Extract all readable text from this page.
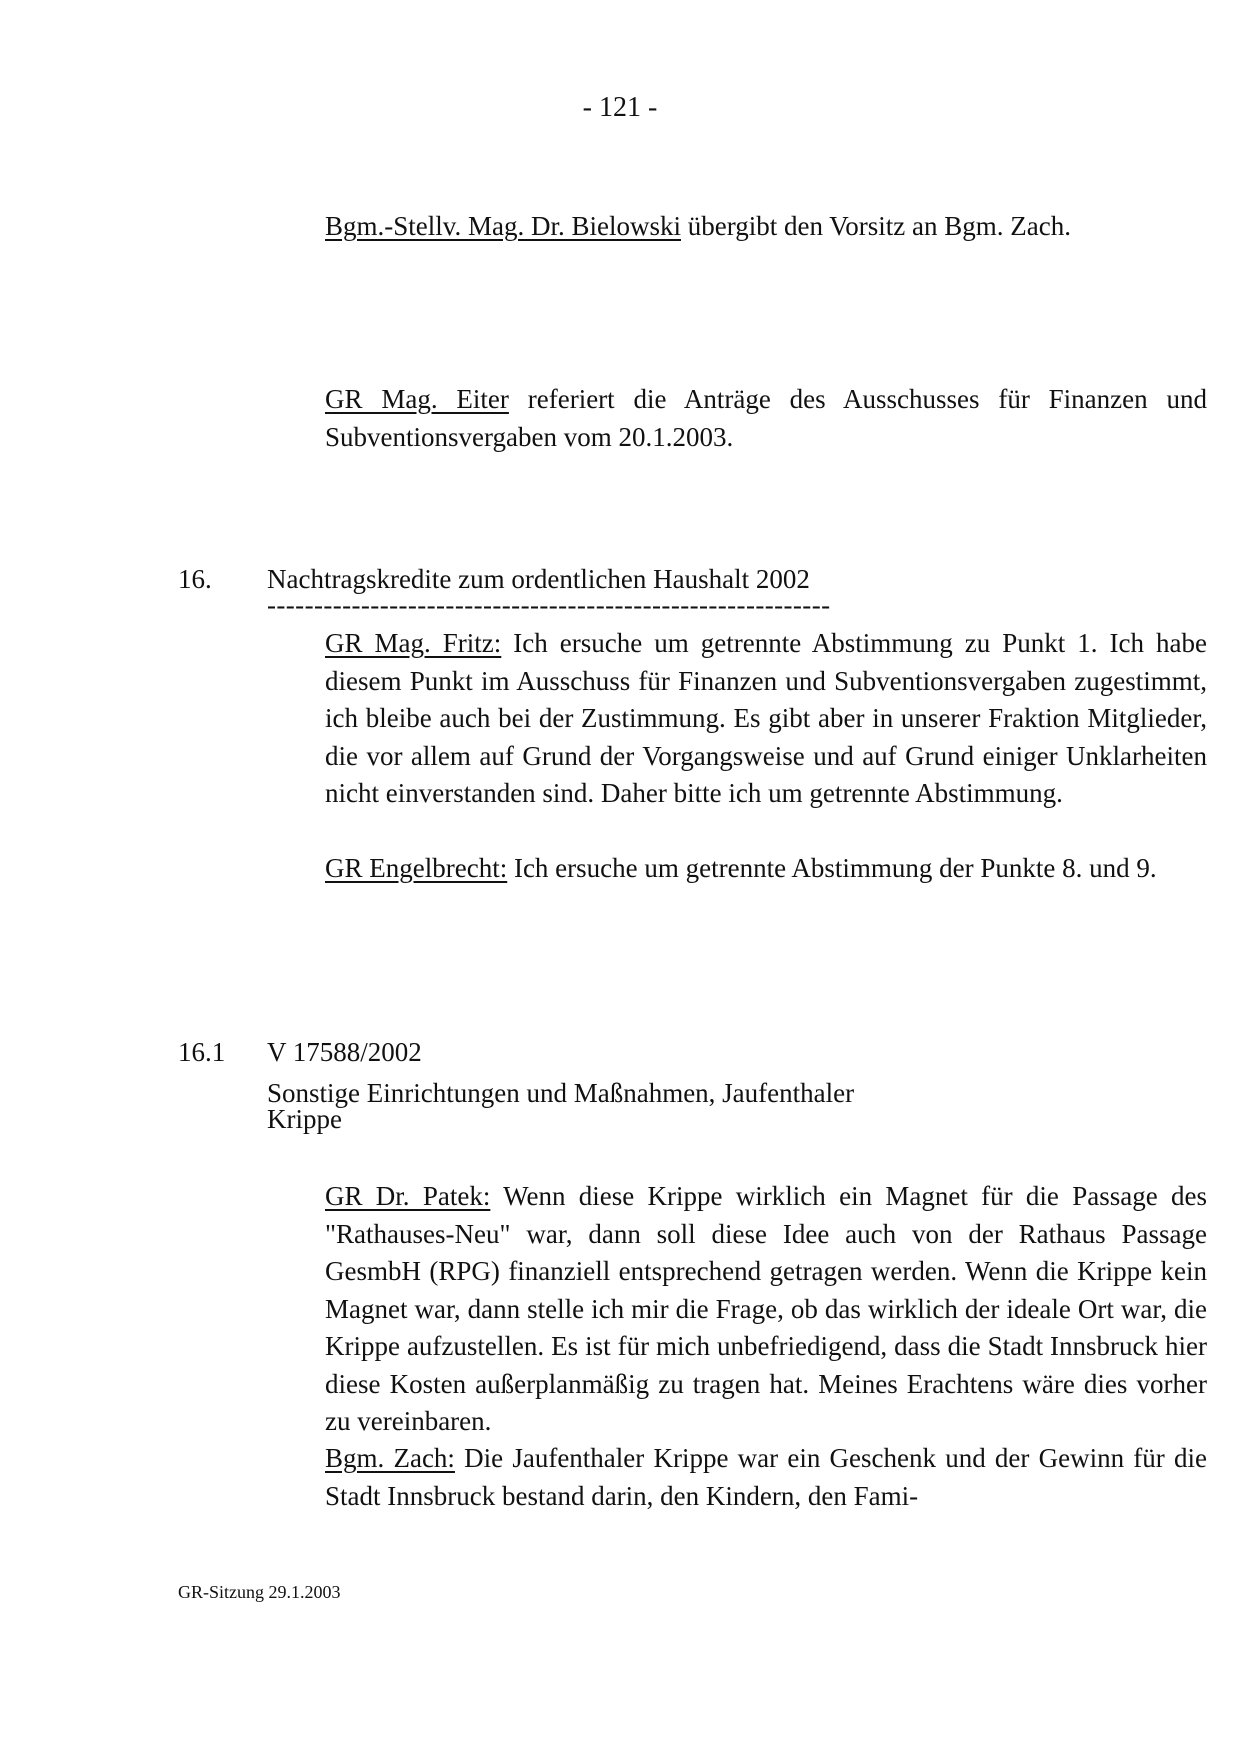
- 121 -
Bgm.-Stellv. Mag. Dr. Bielowski übergibt den Vorsitz an Bgm. Zach.
GR Mag. Eiter referiert die Anträge des Ausschusses für Finanzen und Subventionsvergaben vom 20.1.2003.
16. Nachtragskredite zum ordentlichen Haushalt 2002
------------------------------------------------------------
GR Mag. Fritz: Ich ersuche um getrennte Abstimmung zu Punkt 1. Ich habe diesem Punkt im Ausschuss für Finanzen und Subventionsvergaben zugestimmt, ich bleibe auch bei der Zustimmung. Es gibt aber in unserer Fraktion Mitglieder, die vor allem auf Grund der Vorgangsweise und auf Grund einiger Unklarheiten nicht einverstanden sind. Daher bitte ich um getrennte Abstimmung.
GR Engelbrecht: Ich ersuche um getrennte Abstimmung der Punkte 8. und 9.
16.1 V 17588/2002
Sonstige Einrichtungen und Maßnahmen, Jaufenthaler Krippe
GR Dr. Patek: Wenn diese Krippe wirklich ein Magnet für die Passage des "Rathauses-Neu" war, dann soll diese Idee auch von der Rathaus Passage GesmbH (RPG) finanziell entsprechend getragen werden. Wenn die Krippe kein Magnet war, dann stelle ich mir die Frage, ob das wirklich der ideale Ort war, die Krippe aufzustellen. Es ist für mich unbefriedigend, dass die Stadt Innsbruck hier diese Kosten außerplanmäßig zu tragen hat. Meines Erachtens wäre dies vorher zu vereinbaren.
Bgm. Zach: Die Jaufenthaler Krippe war ein Geschenk und der Gewinn für die Stadt Innsbruck bestand darin, den Kindern, den Fami-
GR-Sitzung 29.1.2003
